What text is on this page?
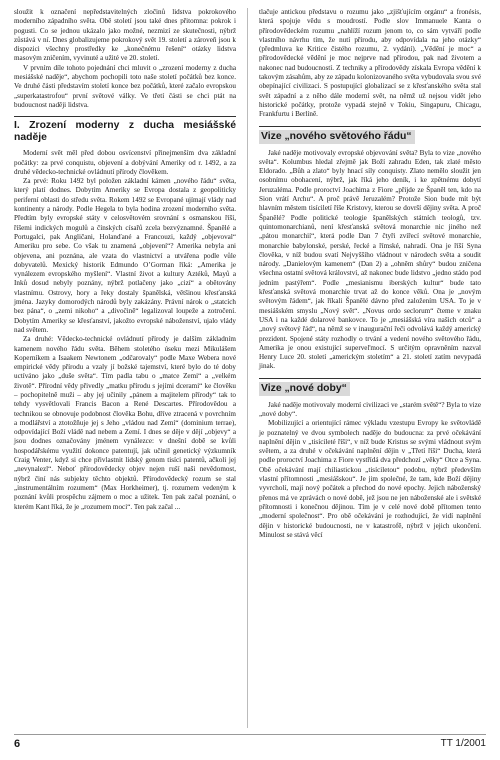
sloužit k označení nepředstavitelných zločinů lidstva pokrokového moderního západního světa. Obě století jsou také dnes přitomna: pokrok i pogusti. Co se jednou ukázalo jako možné, nezmizí ze skutečnosti, nýbrž zůstává v ní. Dnes globalizujeme pokrokový svět 19. století a zároveň jsou k dispozici všechny prostředky ke „konečnému řešení“ otázky lidstva masovým zničením, vyvinuté a užité ve 20. století.

V prvním díle tohoto pojednání chci mluvit o „zrození moderny z ducha mesiášské naděje“, abychom pochopili toto naše století počátků bez konce. Ve druhé části představím století konce bez počátků, které začalo evropskou „superkatastrofou“ první světové války. Ve třetí části se chci ptát na budoucnost naději lidstva.

I. Zrození moderny z ducha mesiášské naděje

Moderní svět měl před dobou osvícenství přinejmenším dva základní počátky: za prvé conquistu, objevení a dobývání Ameriky od r. 1492, a za druhé vědecko-technické ovládnutí přírody člověkem.

Za prvé: Roku 1492 byl položen základní kámen „nového řádu“ světa, který platí dodnes. Dobytím Ameriky se Evropa dostala z geopoliticky periferní oblasti do středu světa. Rokem 1492 se Evropané ujímají vlády nad kontinenty a národy. Podle Hegela to byla hodina zrození moderního světa. Předtím byly evropské státy v celosvětovém srovnání s osmanskou říší, říšemi indických mogulů a čínských císařů zcela bezvýznamné. Španělé a Portugalci, pak Angličani, Holanďané a Francouzi, každý „objevoval“ Ameriku pro sebe. Co však tu znamená „objevení“? Amerika nebyla ani objevena, ani poznána, ale vzata do vlastnictví a utvářena podle vůle dobyvatelů. Mexický historik Edmundo O’Gorman říká: „Amerika je vynálezem evropského myšlení“. Vlastní život a kultury Aztéků, Mayů a Inků dosud nebyly poznány, nýbrž potlačeny jako „cizí“ a obětovány vlastnímu. Ostrovy, hory a řeky dostaly španělská, většinou křesťanská jména. Jazyky domorodých národů byly zakázány. Právní nárok o „statcích bez pána“, o „zemi nikoho“ a „divočině“ legalizoval loupeže a zotročení. Dobytím Ameriky se křesťanství, jakožto evropské náboženství, ujalo vlády nad světem.

Za druhé: Vědecko-technické ovládnutí přírody je dalším základním kamenem nového řádu světa. Během stoletého úseku mezi Mikulášem Koperníkem a Isaakem Newtonem „odčarovaly“ podle Maxe Webera nové empirické vědy přírodu a vzaly jí božské tajemství, které bylo do té doby uctíváno jako „duše světa“. Tím padla tabu o „matce Zemi“ a „velkém životě“. Přírodní vědy přivedly „matku přírodu s jejími dcerami“ ke člověku – pochopitelně muži – aby jej učinily „pánem a majitelem přírody“ tak to tehdy vysvětlovali Francis Bacon a René Descartes. Přírodovědou a technikou se obnovuje podobnost člověka Bohu, dříve ztracená v povrchním a modlářství a ztotožňuje jej s Jeho „vládou nad Zemí“ (dominium terrae), odpovídající Boží vládě nad nebem a Zemí. I dnes se děje v dějí „objevy“ a jsou dodnes označovány jménem vynálezce: v dnešní době se kvůli hospodářskému využití dokonce patentují, jak učinil genetický výzkumník Craig Venter, když si chce přivlastnit lidský genom tisíci patentů, ačkoli jej „nevynalezl“. Neboť přírodovědecky objev nejen ruší naši nevědomost, nýbrž činí nás subjekty těchto objektů. Přírodovědecký rozum se stal „instrumentálním rozumem“ (Max Horkheimer), tj. rozumem vedeným k poznání kvůli prospěchu zájmem o moc a užitek. Ten pak začal poznání, o kterém Kant říká, že je „rozumem moci“. Ten pak začal ...

tlačuje antickou představu o rozumu jako „zjišťujícím orgánu“ a fronésis, která spojuje vědu s moudrostí. Podle slov Immanuele Kanta o přírodovědeckém rozumu „nahlíží rozum jenom to, co sám vytváří podle vlastního návrhu tím, že nutí přírodu, aby odpovídala na jeho otázky“ (předmluva ke Kritice čistého rozumu, 2. vydání). „Vědění je moc“ a přírodovědecké vědění je moc nejprve nad přírodou, pak nad životem a nakonec nad budoucností. Z techniky a přírodovědy získala Evropa vědění k takovým zásahům, aby ze západu kolonizovaného světa vybudovala svou své obepínající civilizaci. S postupující globalizací se z křesťanského světa stal svět západní a z něho dále moderní svět, na němž už nejsou vidět jeho historické počátky, protože vypadá stejně v Tokiu, Singapuru, Chicagu, Frankfurtu i Berlíně.

Vize „nového světového řádu“

Jaké naděje motivovaly evropské objevování světa? Byla to vize „nového světa“. Kolumbus hledal zřejmě jak Boží zahradu Eden, tak zlaté město Eldorado. „Bůh a zlato“ byly hnací síly conquisty. Zlato nemělo sloužit jen osobnímu obohacení, nýbrž, jak říká jeho deník, i ke zpětnému dobytí Jeruzaléma. Podle proroctví Joachima z Fiore „přijde ze Španěl ten, kdo na Sion vrátí Archu“. A proč právě Jeruzalém? Protože Sion bude mít být hlavním městem tisíciletí říše Kristovy, kterou se dovrší dějiny světa. A proč Španělé? Podle politické teologie španělských státních teologů, tzv. quintomonarchianů, není křesťanská světová monarchie nic jiného než „pátou monarchií“, která podle Dan 7 čtyři zvířecí světové monarchie, monarchie babylonské, perské, řecké a římské, nahradí. Ona je říší Syna člověka, v níž budou svatí Nejvyššího vládnout v národech světa a soudit národy. „Danielovým kamenem“ (Dan 2) a „ohněm shůry“ budou zničena všechna ostatní světová království, až nakonec bude lidstvo „jedno stádo pod jedním pastýřem“. Podle „mesianismu iberských kultur“ bude tato křesťanská světová monarchie trvat až do konce věků. Ona je „novým světovým řádem“, jak říkali Španělé dávno před založením USA. To je v mesiášském smyslu „Nový svět“. „Novus ordo seclorum“ čteme v znaku USA i na každé dolarové bankovce. To je „mesiášská víra našich otců“ a „nový světový řád“, na němž se v inaugurační řeči odvolává každý americký prezident. Spojené státy rozhodly o trvání a vedení nového světového řádu, Amerika je onou existující superveľmocí. S určitým opravněním nazval Henry Luce 20. století „americkým stoletím“ a 21. století zatím nevypadá jinak.

Vize „nové doby“

Jaké naděje motivovaly moderní civilizaci ve „starém světě“? Byla to vize „nové doby“.

Mobilizující a orientující rámec výkladu vzestupu Evropy ke světovládě je poznatelný ve dvou symbolech naděje do budoucna: za prvé očekávání naplnění dějin v „tisícileté říši“, v níž bude Kristus se svými vládnout svým světem, a za druhé v očekávání naplnění dějin v „Třetí říši“ Ducha, která podle proroctví Joachima z Fiore vystřídá dva předchozí „věky“ Otce a Syna. Obě očekávání mají chiliastickou „tisíciletou“ podobu, nýbrž především vlastní přítomnosti „mesiášskou“. Je jim společné, že tam, kde Boží dějiny vyvrcholí, mají nový počátek a přechod do nové epochy. Jejich náboženský přenos má ve zprávách o nové době, jež jsou ne jen náboženské ale i světské přítomnosti i konečnou dějinou. Tím je v celé nové době přítomen tento „moderní společnost“. Pro obě očekávání je rozhodující, že vidí naplnění dějin v historické budoucnosti, ne v katastrofě, nýbrž v jejich ukončení. Minulost se stává věcí

6	TT 1/2001
